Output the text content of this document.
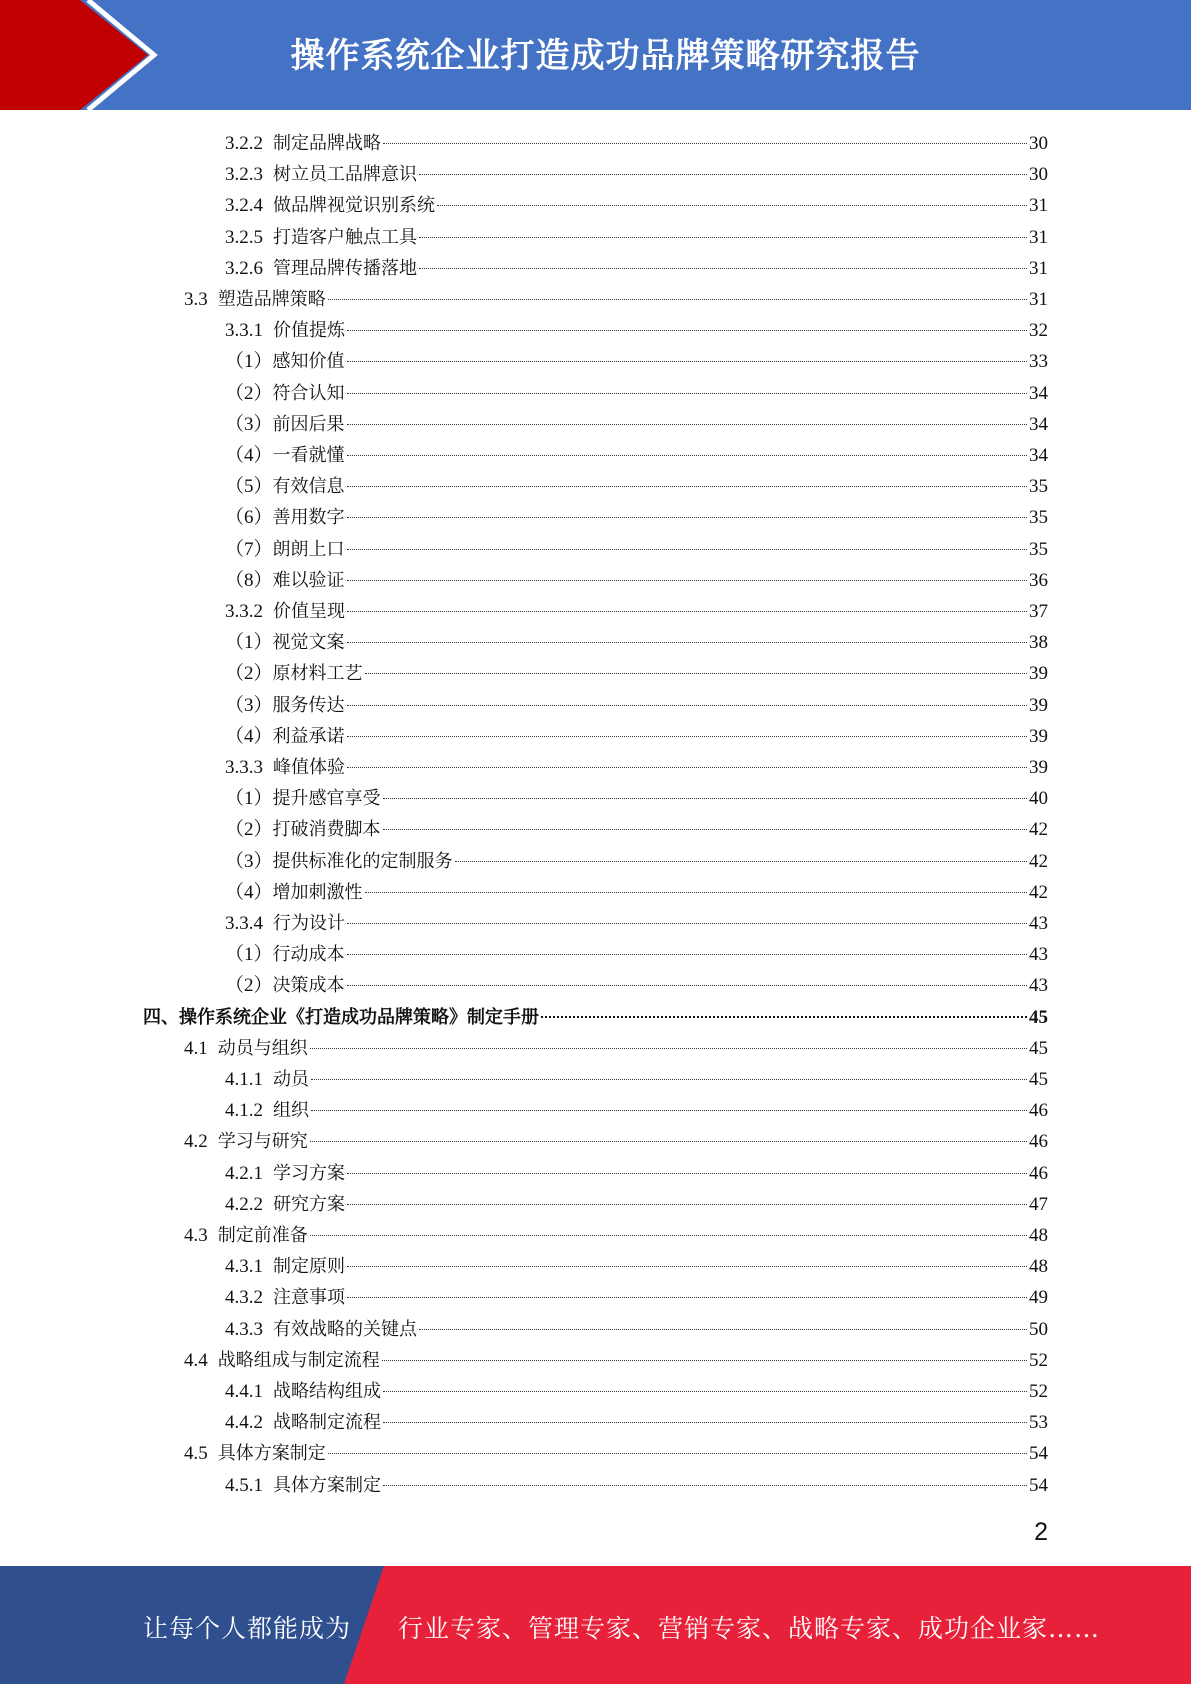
操作系统企业打造成功品牌策略研究报告
3.2.2 制定品牌战略	30
3.2.3 树立员工品牌意识	30
3.2.4 做品牌视觉识别系统	31
3.2.5 打造客户触点工具	31
3.2.6 管理品牌传播落地	31
3.3 塑造品牌策略	31
3.3.1 价值提炼	32
（1） 感知价值	33
（2） 符合认知	34
（3） 前因后果	34
（4） 一看就懂	34
（5） 有效信息	35
（6） 善用数字	35
（7） 朗朗上口	35
（8） 难以验证	36
3.3.2 价值呈现	37
（1） 视觉文案	38
（2） 原材料工艺	39
（3） 服务传达	39
（4） 利益承诺	39
3.3.3 峰值体验	39
（1） 提升感官享受	40
（2） 打破消费脚本	42
（3） 提供标准化的定制服务	42
（4） 增加刺激性	42
3.3.4 行为设计	43
（1） 行动成本	43
（2） 决策成本	43
四、操作系统企业《打造成功品牌策略》制定手册	45
4.1 动员与组织	45
4.1.1 动员	45
4.1.2 组织	46
4.2 学习与研究	46
4.2.1 学习方案	46
4.2.2 研究方案	47
4.3 制定前准备	48
4.3.1 制定原则	48
4.3.2 注意事项	49
4.3.3 有效战略的关键点	50
4.4 战略组成与制定流程	52
4.4.1 战略结构组成	52
4.4.2 战略制定流程	53
4.5 具体方案制定	54
4.5.1 具体方案制定	54
2
让每个人都能成为 行业专家、管理专家、营销专家、战略专家、成功企业家……
